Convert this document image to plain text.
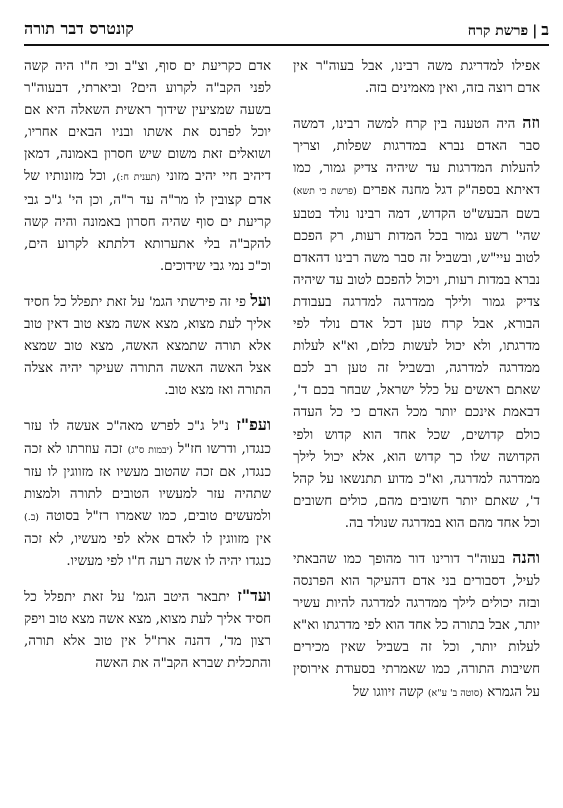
ב|פרשת קרח
קונטרס דבר תורה

אפילו למדריגת משה רבינו, אבל בעוה"ר אין אדם רוצה בזה, ואין מאמינים בזה.

וזה היה הטענה בין קרח למשה רבינו, דמשה סבר האדם נברא במדרגות שפלות, וצריך להעלות המדרגות עד שיהיה צדיק גמור, כמו דאיתא בספה"ק דגל מחנה אפרים (פרשת כי תשא) בשם הבעש"ט הקדוש, דמה רבינו נולד בטבע שהי' רשע גמור בכל המדות רעות, רק הפכם לטוב עיי"ש, ובשביל זה סבר משה רבינו דהאדם נברא במדות רעות, ויכול להפכם לטוב עד שיהיה צדיק גמור ולילך ממדרגה למדרגה בעבודת הבורא, אבל קרח טען דכל אדם נולד לפי מדרגתו, ולא יכול לעשות כלום, וא"א לעלות ממדרגה למדרגה, ובשביל זה טען רב לכם שאתם ראשים על כלל ישראל, שבחר בכם ד', דבאמת אינכם יותר מכל האדם כי כל העדה כולם קדושים, שכל אחד הוא קדוש ולפי הקדושה שלו כך קדוש הוא, אלא יכול לילך ממדרגה למדרגה, וא"כ מדוע תתנשאו על קהל ד', שאתם יותר חשובים מהם, כולים חשובים וכל אחד מהם הוא במדרגה שנולד בה.

והנה בעוה"ר דורינו דור מהופך כמו שהבאתי לעיל, דסבורים בני אדם דהעיקר הוא הפרנסה ובזה יכולים לילך ממדרגה למדרגה להיות עשיר יותר, אבל בתורה כל אחד הוא לפי מדרגתו וא"א לעלות יותר, וכל זה בשביל שאין מכירים חשיבות התורה, כמו שאמרתי בסעודת אירוסין על הגמרא (סוטה ב' ע"א) קשה זיווגו של

אדם כקריעת ים סוף, וצ"ב וכי ח"ו היה קשה לפני הקב"ה לקרוע הים? וביארתי, דבעוה"ר בשעה שמציעין שידוך ראשית השאלה היא אם יוכל לפרנס את אשתו ובניו הבאים אחריו, ושואלים זאת משום שיש חסרון באמונה, דמאן דיהיב חיי יהיב מזוני (תענית ח:), וכל מזונותיו של אדם קצובין לו מר"ה עד ר"ה, וכן הי' ג"כ גבי קריעת ים סוף שהיה חסרון באמונה והיה קשה להקב"ה בלי אתערותא דלתתא לקרוע הים, וכ"כ נמי גבי שידוכים.

ועל פי זה פירשתי הגמ' על זאת יתפלל כל חסיד אליך לעת מצוא, מצא אשה מצא טוב דאין טוב אלא תורה שתמצא האשה, מצא טוב שמצא אצל האשה האשה התורה שעיקר יהיה אצלה התורה ואז מצא טוב.

ועפ"ז נ"ל ג"כ לפרש מאה"כ אעשה לו עזר כנגדו, ודרשו חז"ל (יבמות ס"ג) זכה עוזרתו לא זכה כנגדו, אם זכה שהטוב מעשיו אז מזווגין לו עזר שתהיה עזר למעשיו הטובים לתורה ולמצות ולמעשים טובים, כמו שאמרו רז"ל בסוטה (ב.) אין מזווגין לו לאדם אלא לפי מעשיו, לא זכה כנגדו יהיה לו אשה רעה ח"ו לפי מעשיו.

ועד"ז יתבאר היטב הגמ' על זאת יתפלל כל חסיד אליך לעת מצוא, מצא אשה מצא טוב ויפק רצון מד', דהנה ארז"ל אין טוב אלא תורה, והתכלית שברא הקב"ה את האשה
